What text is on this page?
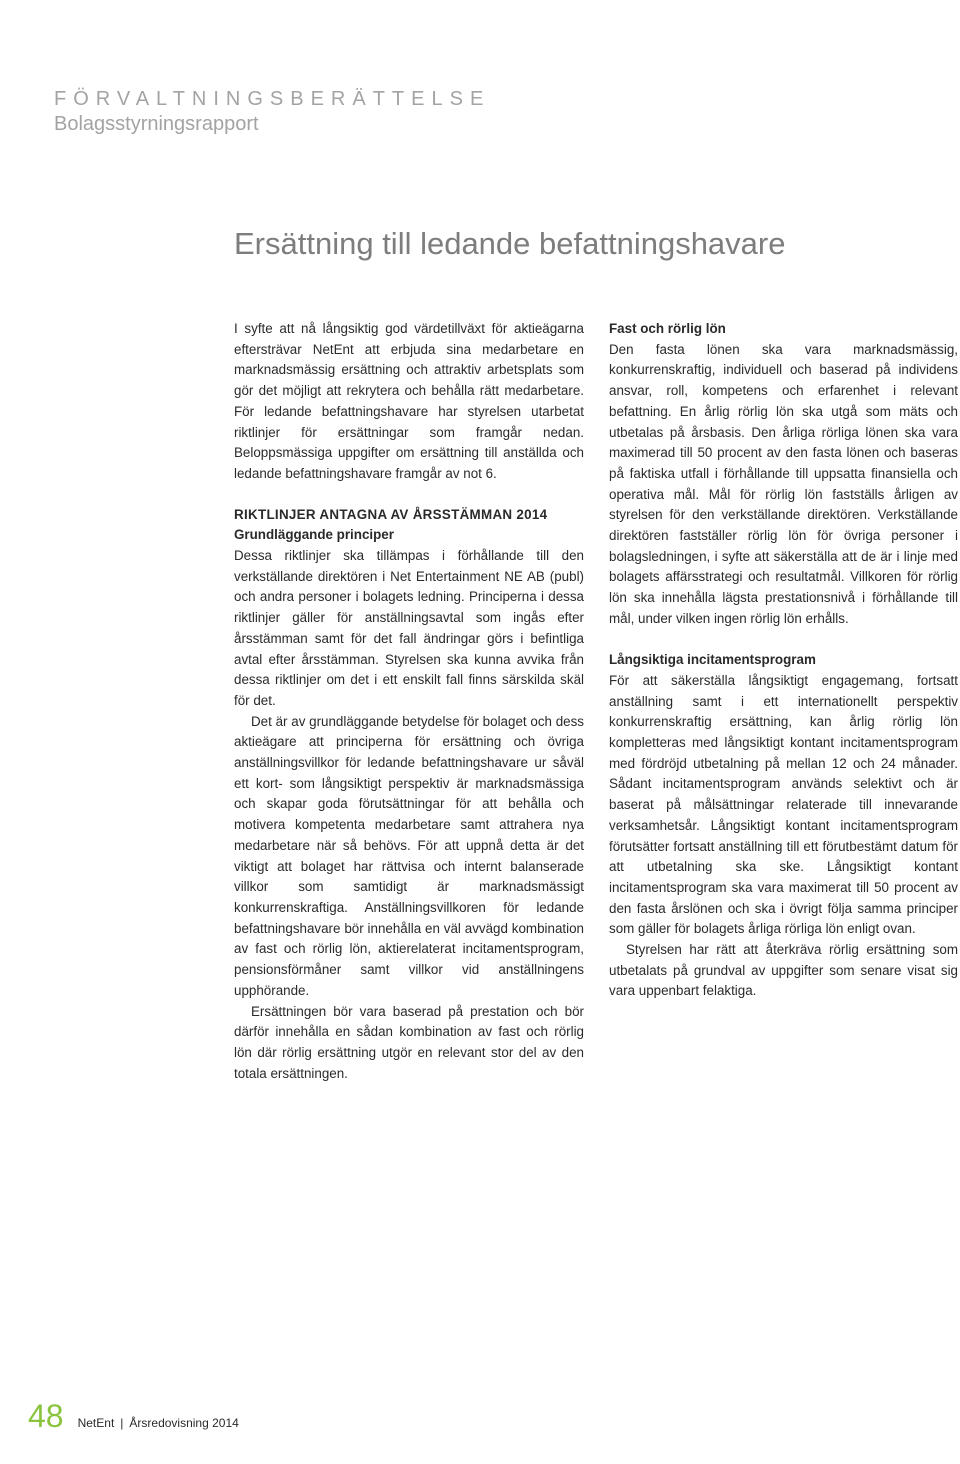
FÖRVALTNINGSBERÄTTELSE
Bolagsstyrningsrapport
Ersättning till ledande befattningshavare

I syfte att nå långsiktig god värdetillväxt för aktieägarna eftersträvar NetEnt att erbjuda sina medarbetare en marknadsmässig ersättning och attraktiv arbetsplats som gör det möjligt att rekrytera och behålla rätt medarbetare. För ledande befattningshavare har styrelsen utarbetat riktlinjer för ersättningar som framgår nedan. Beloppsmässiga uppgifter om ersättning till anställda och ledande befattningshavare framgår av not 6.

RIKTLINJER ANTAGNA AV ÅRSSTÄMMAN 2014
Grundläggande principer

Dessa riktlinjer ska tillämpas i förhållande till den verkställande direktören i Net Entertainment NE AB (publ) och andra personer i bolagets ledning. Principerna i dessa riktlinjer gäller för anställningsavtal som ingås efter årsstämman samt för det fall ändringar görs i befintliga avtal efter årsstämman. Styrelsen ska kunna avvika från dessa riktlinjer om det i ett enskilt fall finns särskilda skäl för det.

Det är av grundläggande betydelse för bolaget och dess aktieägare att principerna för ersättning och övriga anställningsvillkor för ledande befattningshavare ur såväl ett kort- som långsiktigt perspektiv är marknadsmässiga och skapar goda förutsättningar för att behålla och motivera kompetenta medarbetare samt attrahera nya medarbetare när så behövs. För att uppnå detta är det viktigt att bolaget har rättvisa och internt balanserade villkor som samtidigt är marknadsmässigt konkurrenskraftiga. Anställningsvillkoren för ledande befattningshavare bör innehålla en väl avvägd kombination av fast och rörlig lön, aktierelaterat incitamentsprogram, pensionsförmåner samt villkor vid anställningens upphörande.

Ersättningen bör vara baserad på prestation och bör därför innehålla en sådan kombination av fast och rörlig lön där rörlig ersättning utgör en relevant stor del av den totala ersättningen.

Fast och rörlig lön

Den fasta lönen ska vara marknadsmässig, konkurrenskraftig, individuell och baserad på individens ansvar, roll, kompetens och erfarenhet i relevant befattning. En årlig rörlig lön ska utgå som mäts och utbetalas på årsbasis. Den årliga rörliga lönen ska vara maximerad till 50 procent av den fasta lönen och baseras på faktiska utfall i förhållande till uppsatta finansiella och operativa mål. Mål för rörlig lön fastställs årligen av styrelsen för den verkställande direktören. Verkställande direktören fastställer rörlig lön för övriga personer i bolagsledningen, i syfte att säkerställa att de är i linje med bolagets affärsstrategi och resultatmål. Villkoren för rörlig lön ska innehålla lägsta prestationsnivå i förhållande till mål, under vilken ingen rörlig lön erhålls.

Långsiktiga incitamentsprogram

För att säkerställa långsiktigt engagemang, fortsatt anställning samt i ett internationellt perspektiv konkurrenskraftig ersättning, kan årlig rörlig lön kompletteras med långsiktigt kontant incitamentsprogram med fördröjd utbetalning på mellan 12 och 24 månader. Sådant incitamentsprogram används selektivt och är baserat på målsättningar relaterade till innevarande verksamhetsår. Långsiktigt kontant incitamentsprogram förutsätter fortsatt anställning till ett förutbestämt datum för att utbetalning ska ske. Långsiktigt kontant incitamentsprogram ska vara maximerat till 50 procent av den fasta årslönen och ska i övrigt följa samma principer som gäller för bolagets årliga rörliga lön enligt ovan.

Styrelsen har rätt att återkräva rörlig ersättning som utbetalats på grundval av uppgifter som senare visat sig vara uppenbart felaktiga.

48 NetEnt | Årsredovisning 2014
